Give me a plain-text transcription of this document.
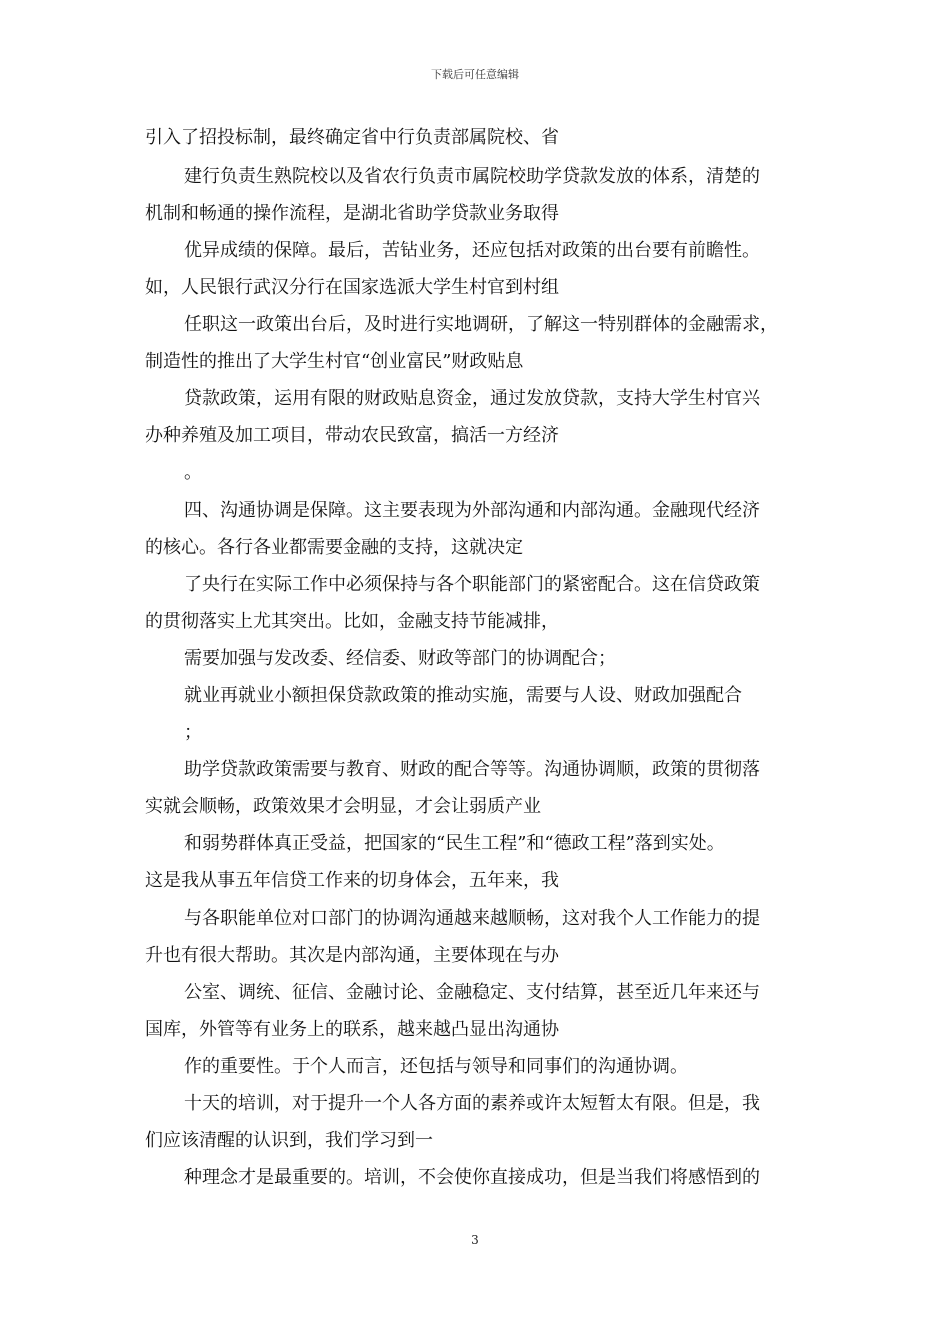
下载后可任意编辑
引入了招投标制，最终确定省中行负责部属院校、省
建行负责生熟院校以及省农行负责市属院校助学贷款发放的体系，清楚的
机制和畅通的操作流程，是湖北省助学贷款业务取得
优异成绩的保障。最后，苦钻业务，还应包括对政策的出台要有前瞻性。
如，人民银行武汉分行在国家选派大学生村官到村组
任职这一政策出台后，及时进行实地调研，了解这一特别群体的金融需求，
制造性的推出了大学生村官“创业富民”财政贴息
贷款政策，运用有限的财政贴息资金，通过发放贷款，支持大学生村官兴
办种养殖及加工项目，带动农民致富，搞活一方经济
。
四、沟通协调是保障。这主要表现为外部沟通和内部沟通。金融现代经济
的核心。各行各业都需要金融的支持，这就决定
了央行在实际工作中必须保持与各个职能部门的紧密配合。这在信贷政策
的贯彻落实上尤其突出。比如，金融支持节能减排，
需要加强与发改委、经信委、财政等部门的协调配合；
就业再就业小额担保贷款政策的推动实施，需要与人设、财政加强配合
；
助学贷款政策需要与教育、财政的配合等等。沟通协调顺，政策的贯彻落
实就会顺畅，政策效果才会明显，才会让弱质产业
和弱势群体真正受益，把国家的“民生工程”和“德政工程”落到实处。
这是我从事五年信贷工作来的切身体会，五年来，我
与各职能单位对口部门的协调沟通越来越顺畅，这对我个人工作能力的提
升也有很大帮助。其次是内部沟通，主要体现在与办
公室、调统、征信、金融讨论、金融稳定、支付结算，甚至近几年来还与
国库，外管等有业务上的联系，越来越凸显出沟通协
作的重要性。于个人而言，还包括与领导和同事们的沟通协调。
十天的培训，对于提升一个人各方面的素养或许太短暂太有限。但是，我
们应该清醒的认识到，我们学习到一
种理念才是最重要的。培训，不会使你直接成功，但是当我们将感悟到的
3
